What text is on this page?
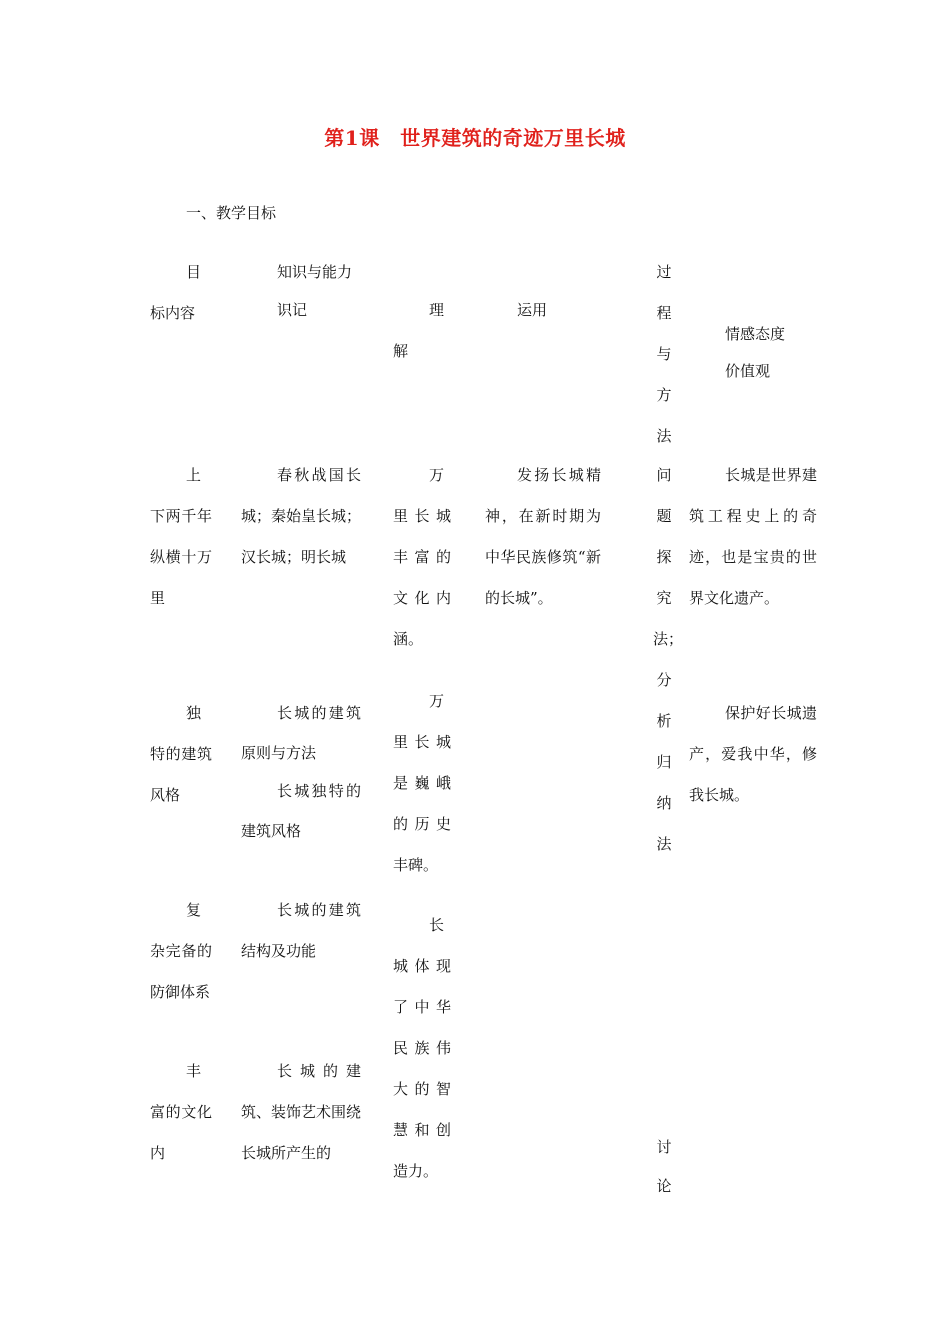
第1课　世界建筑的奇迹万里长城
一、教学目标
目标内容
知识与能力
识记	理解
运用
过程与方法
情感态度
价值观
上下两千年纵横十万里
春秋战国长城；秦始皇长城；汉长城；明长城
万里长城丰富的文化内涵。
发扬长城精神，在新时期为中华民族修筑“新的长城”。
问题探究法；分析归纳法
长城是世界建筑工程史上的奇迹，也是宝贵的世界文化遗产。
独特的建筑风格
长城的建筑原则与方法
长城独特的建筑风格
万里长城是巍峨的历史丰碑。
保护好长城遗产，爱我中华，修我长城。
复杂完备的防御体系
长城的建筑结构及功能
长城体现了中华民族伟大的智慧和创造力。
丰富的文化内
长城的建筑、装饰艺术围绕长城所产生的	讨论
